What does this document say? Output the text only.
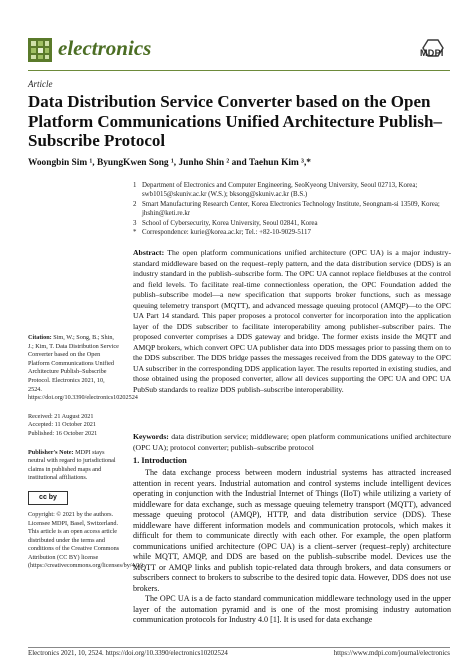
electronics	MDPI
Article
Data Distribution Service Converter based on the Open Platform Communications Unified Architecture Publish–Subscribe Protocol
Woongbin Sim ¹, ByungKwen Song ¹, Junho Shin ² and Taehun Kim ³,*
1 Department of Electronics and Computer Engineering, SeoKyeong University, Seoul 02713, Korea; swb1015@skuniv.ac.kr (W.S.); bksong@skuniv.ac.kr (B.S.)
2 Smart Manufacturing Research Center, Korea Electronics Technology Institute, Seongnam-si 13509, Korea; jhshin@keti.re.kr
3 School of Cybersecurity, Korea University, Seoul 02841, Korea
* Correspondence: kurie@korea.ac.kr; Tel.: +82-10-9029-5117
Abstract: The open platform communications unified architecture (OPC UA) is a major industry-standard middleware based on the request–reply pattern, and the data distribution service (DDS) is an industry standard in the publish–subscribe form. The OPC UA cannot replace fieldbuses at the control and field levels. To facilitate real-time connectionless operation, the OPC Foundation added the publish–subscribe model—a new specification that supports broker functions, such as message queuing telemetry transport (MQTT), and advanced message queuing protocol (AMQP)—to the OPC UA Part 14 standard. This paper proposes a protocol converter for incorporation into the application layer of the DDS subscriber to facilitate interoperability among publisher–subscriber pairs. The proposed converter comprises a DDS gateway and bridge. The former exists inside the MQTT and AMQP brokers, which convert OPC UA publisher data into DDS messages prior to passing them on to the DDS subscriber. The DDS bridge passes the messages received from the DDS gateway to the OPC UA subscriber in the corresponding DDS application layer. The results reported in existing studies, and those obtained using the proposed converter, allow all devices supporting the OPC UA and OPC UA PubSub standards to realize DDS publish–subscribe interoperability.
Keywords: data distribution service; middleware; open platform communications unified architecture (OPC UA); protocol converter; publish–subscribe protocol

Citation: Sim, W.; Song, B.; Shin, J.; Kim, T. Data Distribution Service Converter based on the Open Platform Communications Unified Architecture Publish–Subscribe Protocol. Electronics 2021, 10, 2524. https://doi.org/10.3390/electronics10202524

Received: 21 August 2021
Accepted: 11 October 2021
Published: 16 October 2021

Publisher's Note: MDPI stays neutral with regard to jurisdictional claims in published maps and institutional affiliations.

cc by

Copyright: © 2021 by the authors. Licensee MDPI, Basel, Switzerland. This article is an open access article distributed under the terms and conditions of the Creative Commons Attribution (CC BY) license (https://creativecommons.org/licenses/by/4.0/).

1. Introduction

The data exchange process between modern industrial systems has attracted increased attention in recent years. Industrial automation and control systems include intelligent devices operating in conjunction with the Industrial Internet of Things (IIoT) while utilizing a variety of middleware for data exchange, such as message queuing telemetry transport (MQTT), advanced message queuing protocol (AMQP), HTTP, and data distribution service (DDS). These middleware have different information models and communication protocols, which makes it difficult for them to communicate directly with each other. For example, the open platform communications unified architecture (OPC UA) is a client–server (request–reply) architecture while MQTT, AMQP, and DDS are based on the publish–subscribe model. Devices use the MQTT or AMQP links and publish topic-related data through brokers, and data consumers or subscribers connect to brokers to subscribe to the desired topic data. However, DDS does not use brokers.

The OPC UA is a de facto standard communication middleware technology used in the upper layer of the automation pyramid and is one of the most promising industry automation communication protocols for Industry 4.0 [1]. It is used for data exchange

Electronics 2021, 10, 2524. https://doi.org/10.3390/electronics10202524	https://www.mdpi.com/journal/electronics
